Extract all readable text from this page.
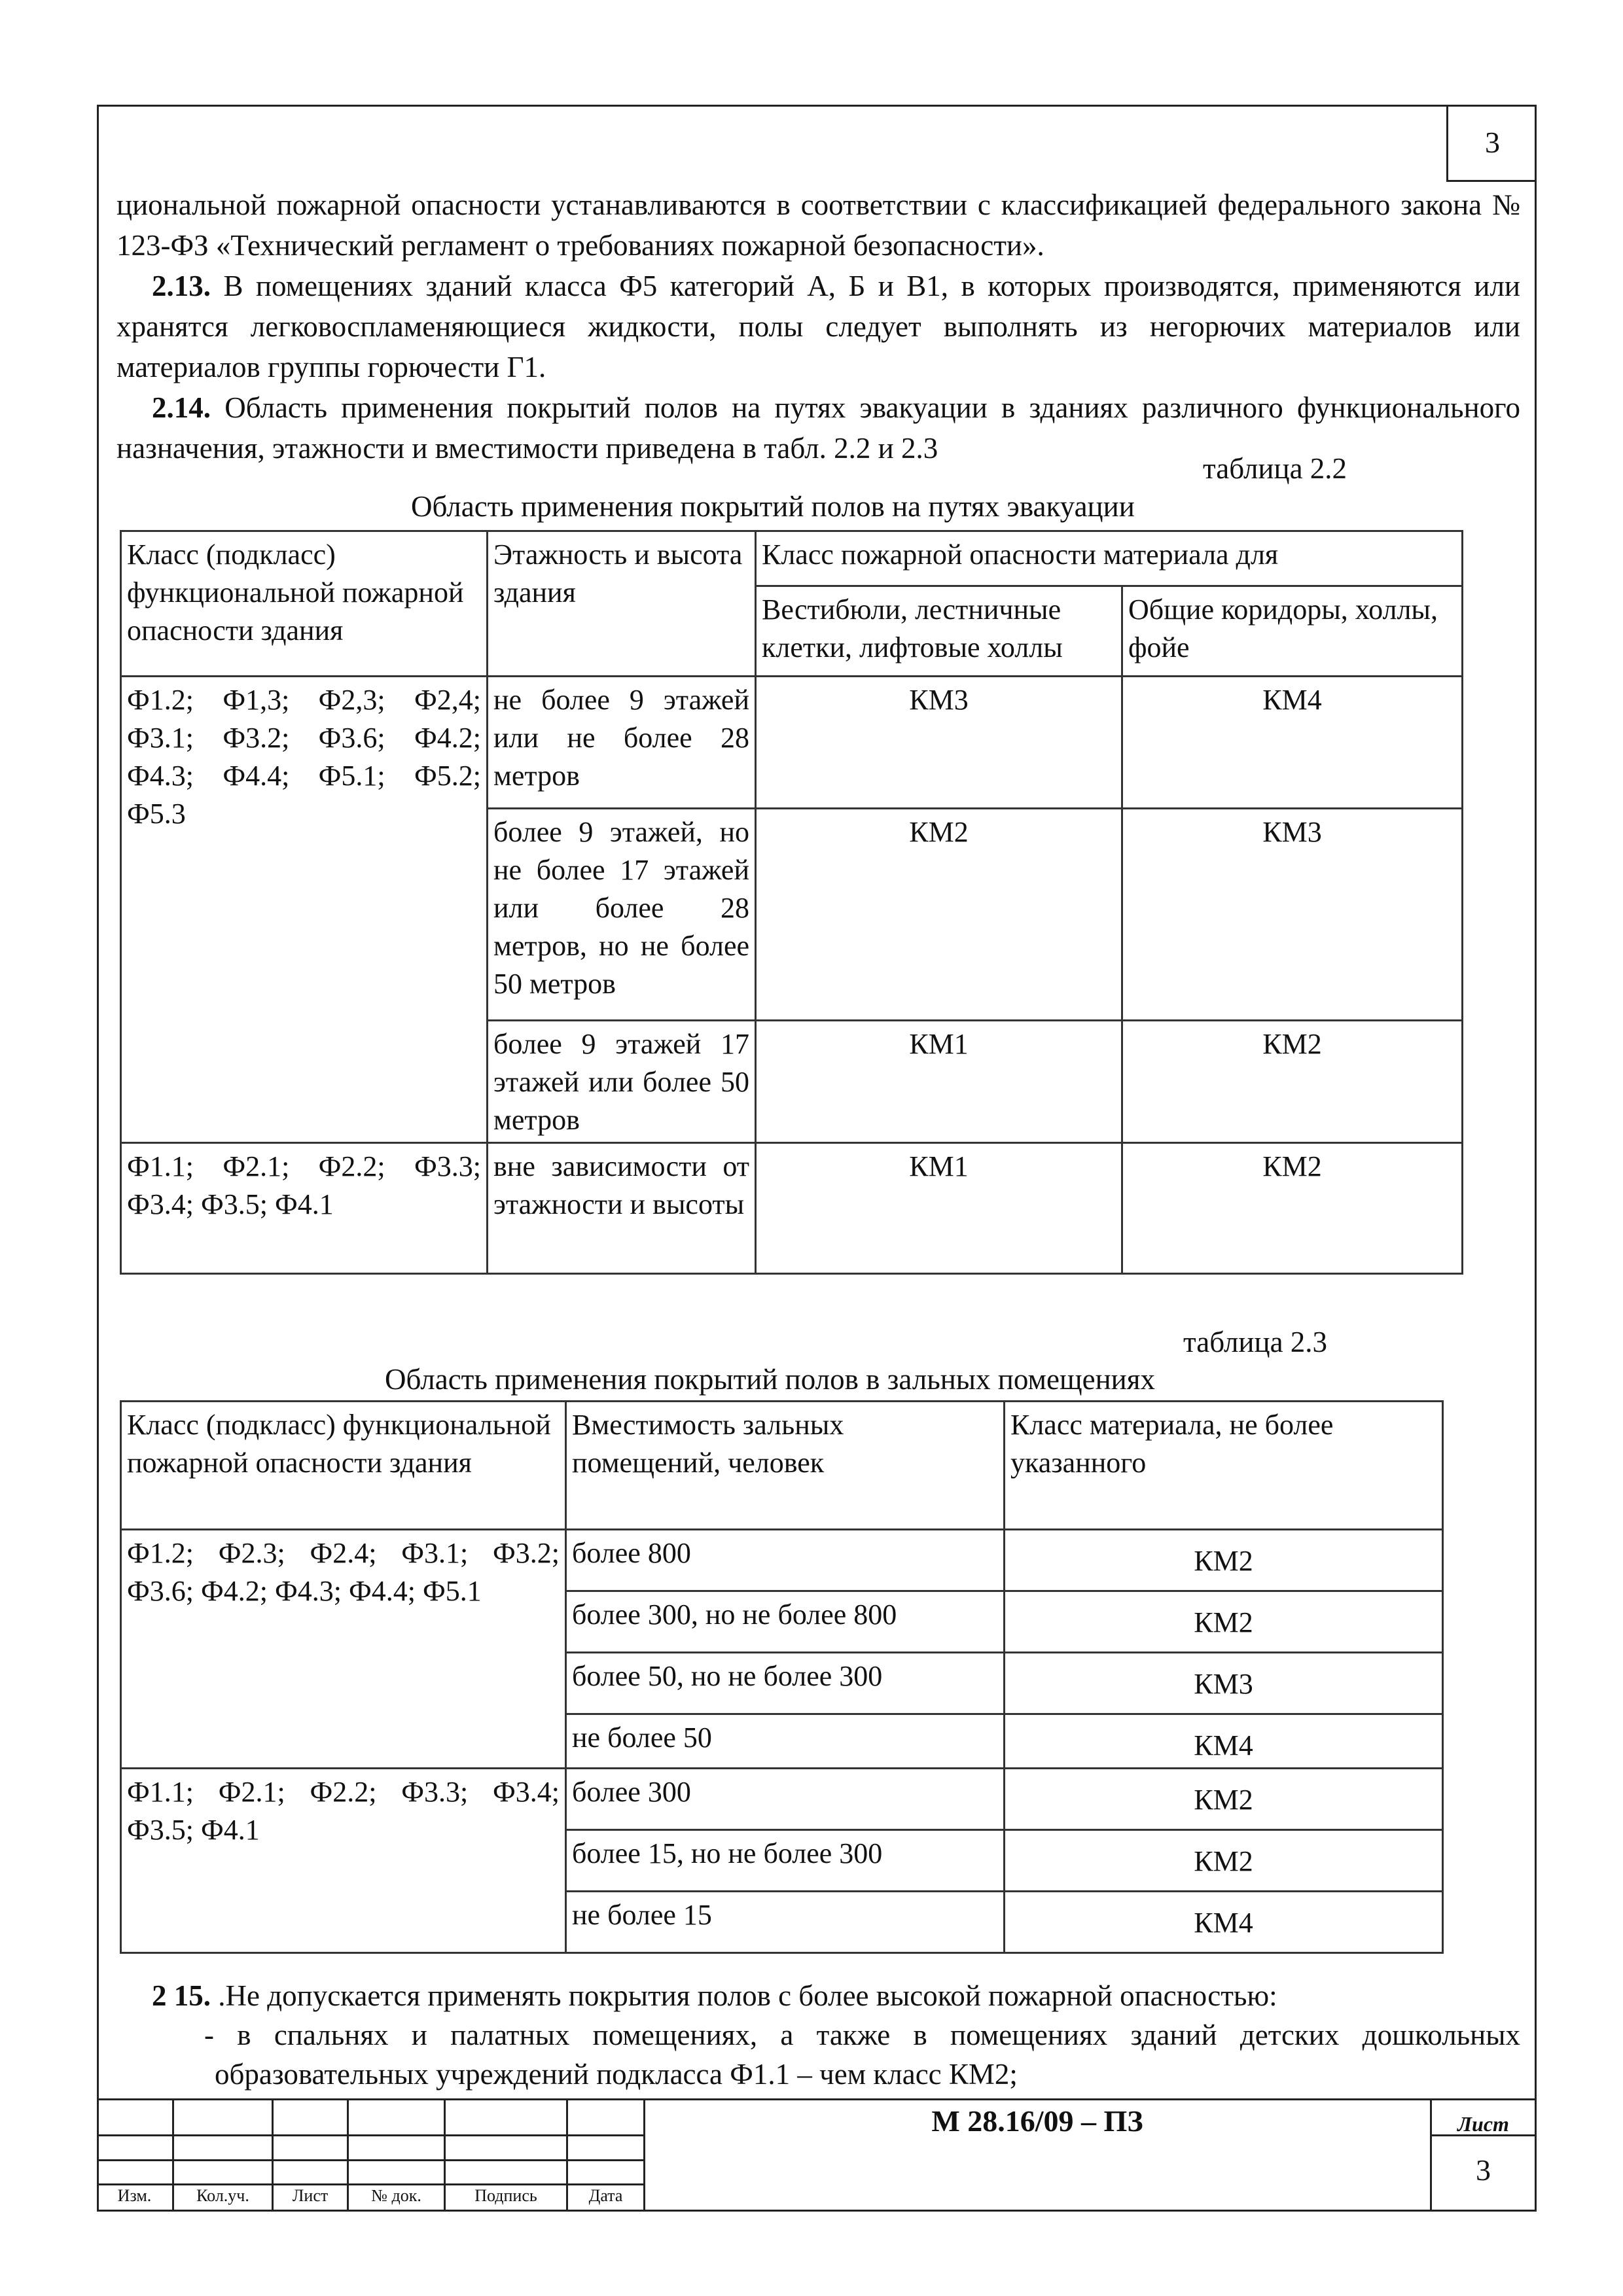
3

циональной пожарной опасности устанавливаются в соответствии с классификацией федерального закона № 123-ФЗ «Технический регламент о требованиях пожарной безопасности».

2.13. В помещениях зданий класса Ф5 категорий А, Б и В1, в которых производятся, применяются или хранятся легковоспламеняющиеся жидкости, полы следует выполнять из негорючих материалов или материалов группы горючести Г1.

2.14. Область применения покрытий полов на путях эвакуации в зданиях различного функционального назначения, этажности и вместимости приведена в табл. 2.2 и 2.3

таблица 2.2
Область применения покрытий полов на путях эвакуации
Класс (подкласс) функциональной пожарной опасности здания	Этажность и высота здания	Класс пожарной опасности материала для	
		Вестибюли, лестничные клетки, лифтовые холлы	Общие коридоры, холлы, фойе
Ф1.2; Ф1,3; Ф2,3; Ф2,4; Ф3.1; Ф3.2; Ф3.6; Ф4.2; Ф4.3; Ф4.4; Ф5.1; Ф5.2; Ф5.3	не более 9 этажей или не более 28 метров	КМ3	КМ4
	более 9 этажей, но не более 17 этажей или более 28 метров, но не более 50 метров	КМ2	КМ3
	более 9 этажей 17 этажей или более 50 метров	КМ1	КМ2
Ф1.1; Ф2.1; Ф2.2; Ф3.3; Ф3.4; Ф3.5; Ф4.1	вне зависимости от этажности и высоты	КМ1	КМ2
таблица 2.3
Область применения покрытий полов в зальных помещениях
Класс (подкласс) функциональной пожарной опасности здания	Вместимость зальных помещений, человек	Класс материала, не более указанного
Ф1.2; Ф2.3; Ф2.4; Ф3.1; Ф3.2; Ф3.6; Ф4.2; Ф4.3; Ф4.4; Ф5.1	более 800	КМ2
	более 300, но не более 800	КМ2
	более 50, но не более 300	КМ3
	не более 50	КМ4
Ф1.1; Ф2.1; Ф2.2; Ф3.3; Ф3.4; Ф3.5; Ф4.1	более 300	КМ2
	более 15, но не более 300	КМ2
	не более 15	КМ4

2 15. .Не допускается применять покрытия полов с более высокой пожарной опасностью:

- в спальнях и палатных помещениях, а также в помещениях зданий детских дошкольных образовательных учреждений подкласса Ф1.1 – чем класс КМ2;

Изм.	Кол.уч.	Лист	№ док.	Подпись	Дата
М 28.16/09 – ПЗ	Лист
3
